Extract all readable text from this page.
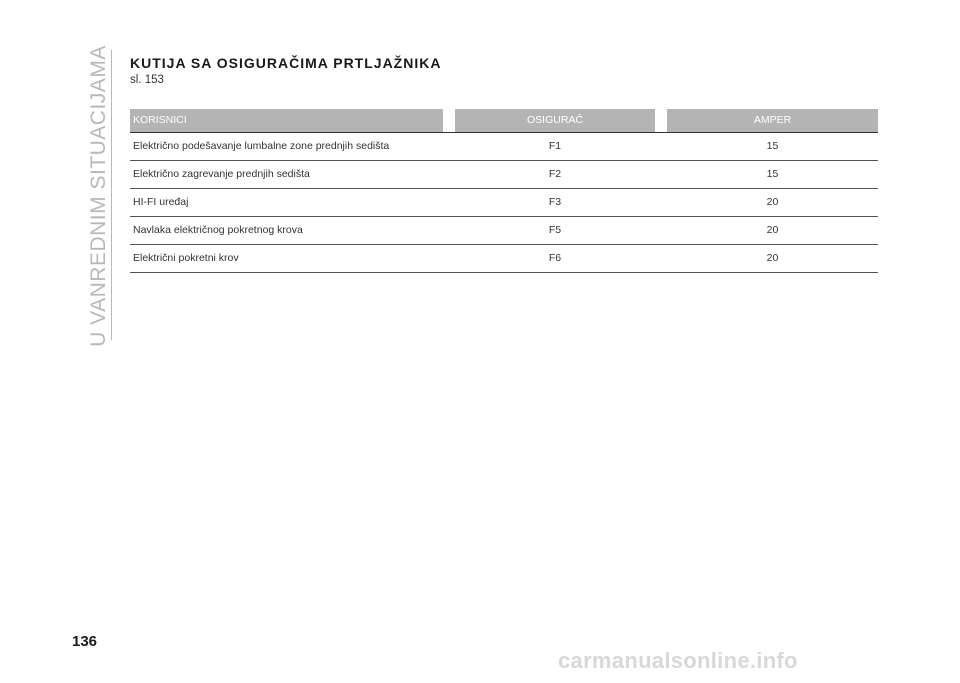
U VANREDNIM SITUACIJAMA KUTIJA SA OSIGURAČIMA PRTLJAŽNIKA
sl. 153
KORISNICI	OSIGURAČ	AMPER
Električno podešavanje lumbalne zone prednjih sedišta	F1	15
Električno zagrevanje prednjih sedišta	F2	15
HI-FI uređaj	F3	20
Navlaka električnog pokretnog krova	F5	20
Električni pokretni krov	F6	20
136
carmanualsonline.info
